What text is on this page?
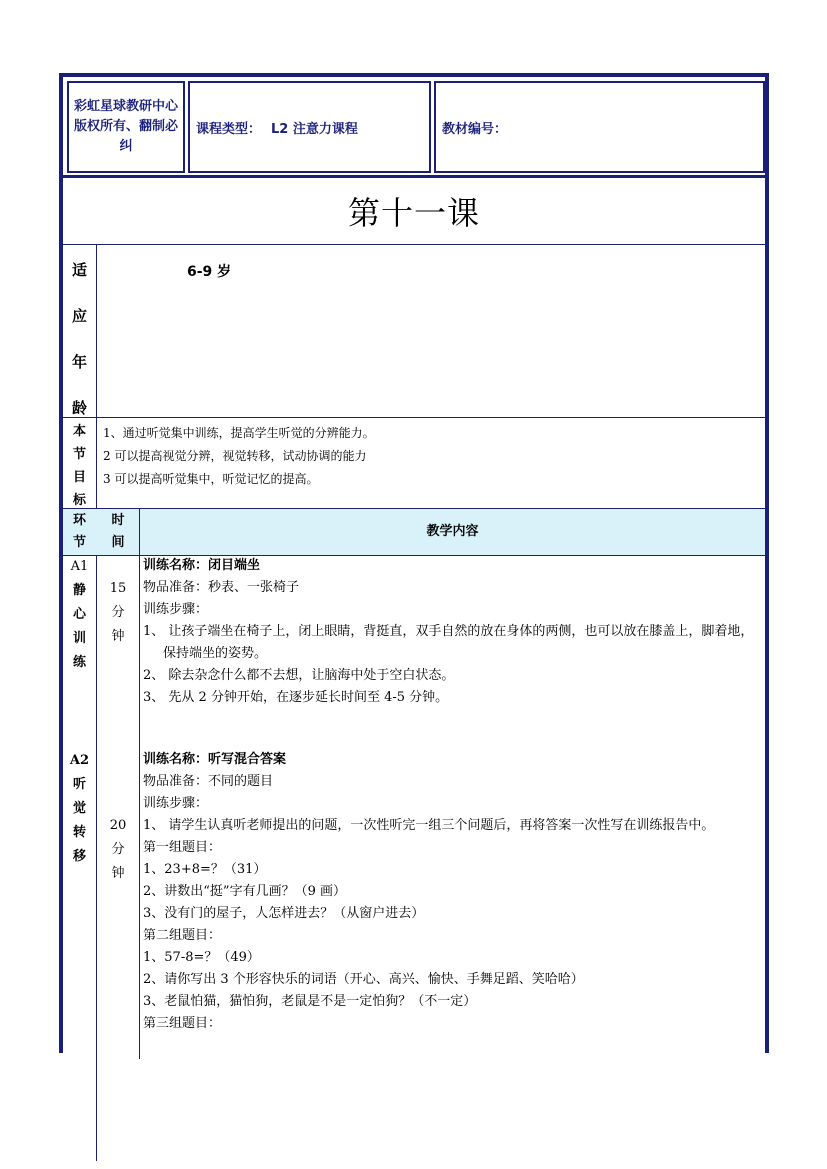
彩虹星球教研中心
版权所有、翻制必纠
课程类型： L2 注意力课程	教材编号：
第十一课
适
应
年
龄
6-9 岁
本
节
目
标
1、通过听觉集中训练，提高学生听觉的分辨能力。
2 可以提高视觉分辨，视觉转移，试动协调的能力
3 可以提高听觉集中，听觉记忆的提高。
环
节
时
间
教学内容
A1
静
心
训
练
15
分
钟
训练名称：闭目端坐
物品准备：秒表、一张椅子
训练步骤：
1、 让孩子端坐在椅子上，闭上眼睛，背挺直，双手自然的放在身体的两侧，也可以放在膝盖上，脚着地，保持端坐的姿势。
2、 除去杂念什么都不去想，让脑海中处于空白状态。
3、 先从 2 分钟开始，在逐步延长时间至 4-5 分钟。
A2
听
觉
转
移
20
分
钟
训练名称：听写混合答案
物品准备：不同的题目
训练步骤：
1、 请学生认真听老师提出的问题，一次性听完一组三个问题后，再将答案一次性写在训练报告中。
第一组题目：
1、23+8=？（31）
2、讲数出“挺”字有几画？（9 画）
3、没有门的屋子，人怎样进去？（从窗户进去）
第二组题目：
1、57-8=？（49）
2、请你写出 3 个形容快乐的词语（开心、高兴、愉快、手舞足蹈、笑哈哈）
3、老鼠怕猫，猫怕狗，老鼠是不是一定怕狗？（不一定）
第三组题目：
